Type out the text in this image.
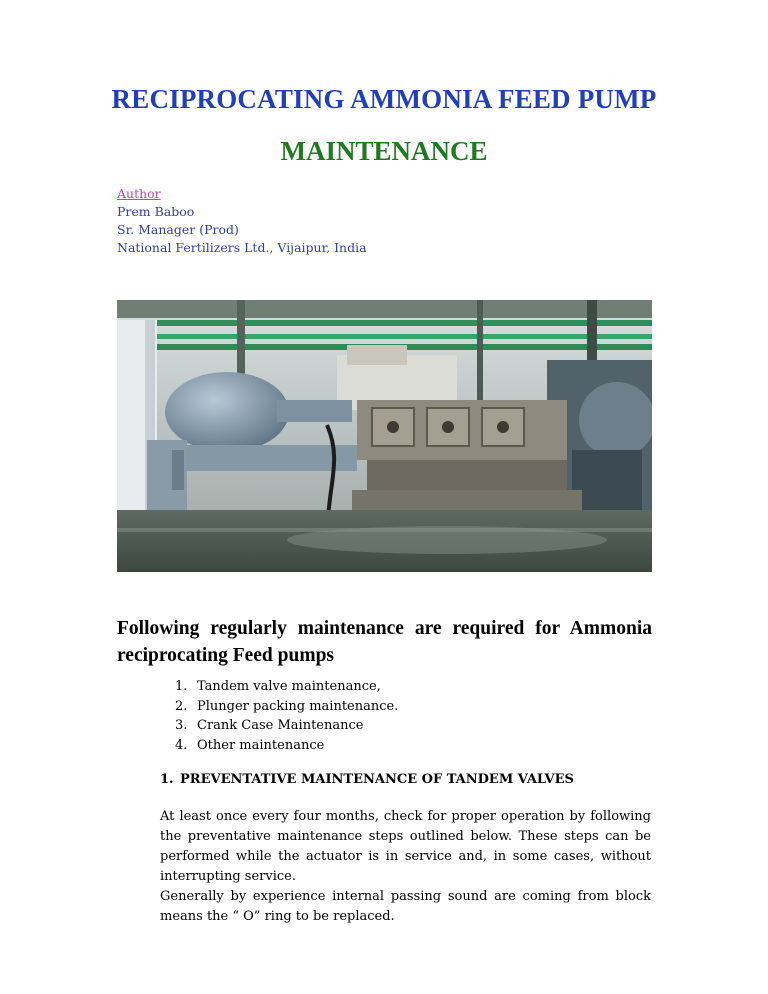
RECIPROCATING AMMONIA FEED PUMP
MAINTENANCE
Author
Prem Baboo
Sr. Manager (Prod)
National Fertilizers Ltd., Vijaipur, India
Following regularly maintenance are required for Ammonia reciprocating Feed pumps
1. Tandem valve maintenance,
2. Plunger packing maintenance.
3. Crank Case Maintenance
4. Other maintenance
1. PREVENTATIVE MAINTENANCE OF TANDEM VALVES

At least once every four months, check for proper operation by following the preventative maintenance steps outlined below. These steps can be performed while the actuator is in service and, in some cases, without interrupting service.

Generally by experience internal passing sound are coming from block means the “ O” ring to be replaced.
